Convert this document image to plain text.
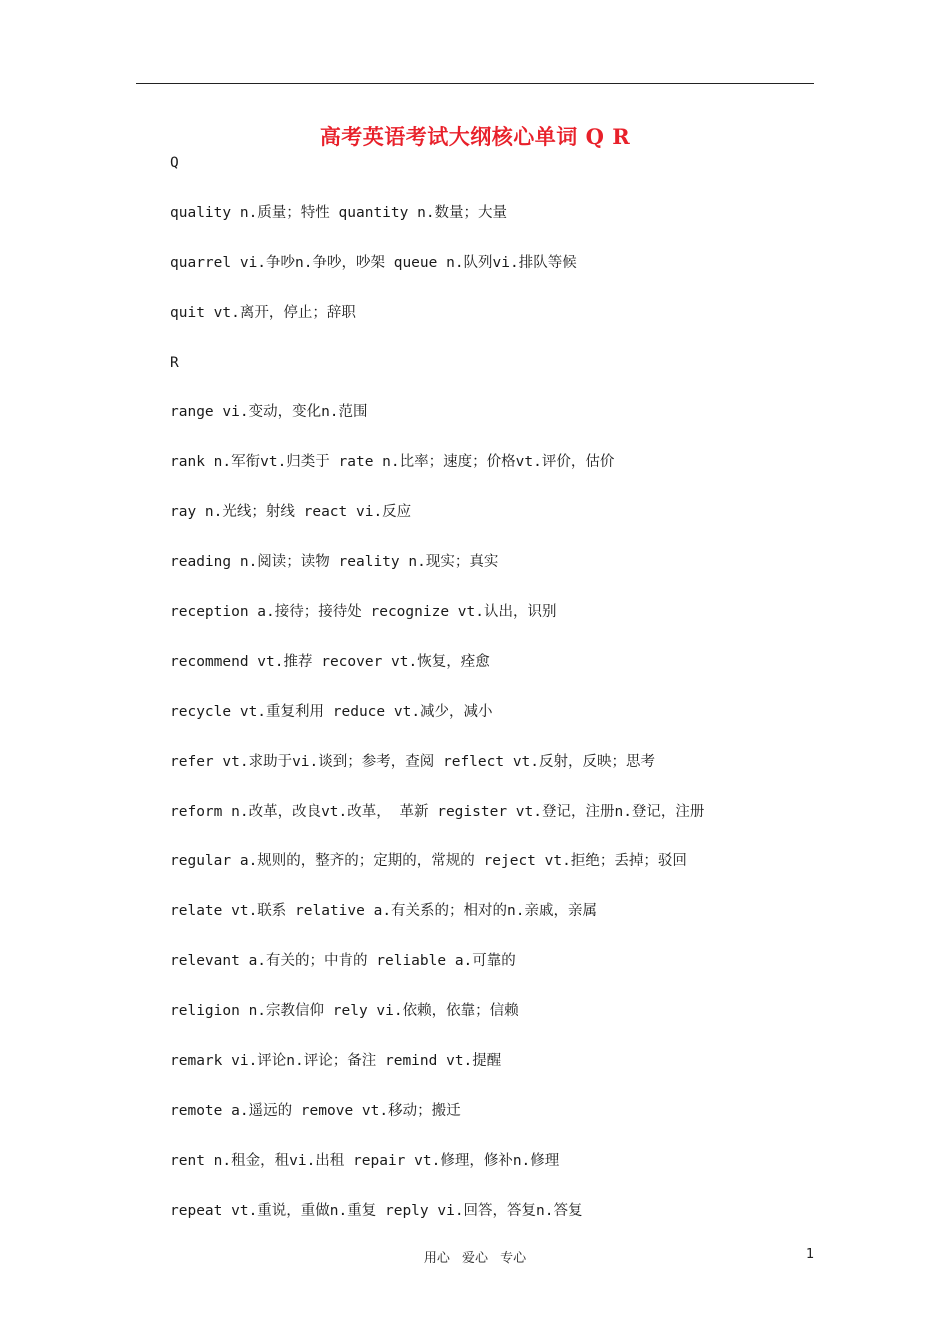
高考英语考试大纲核心单词 Q R
Q
quality n.质量；特性 quantity n.数量；大量
quarrel vi.争吵n.争吵，吵架 queue n.队列vi.排队等候
quit vt.离开，停止；辞职
R
range vi.变动，变化n.范围
rank n.军衔vt.归类于 rate n.比率；速度；价格vt.评价，估价
ray n.光线；射线 react vi.反应
reading n.阅读；读物 reality n.现实；真实
reception a.接待；接待处 recognize vt.认出，识别
recommend vt.推荐 recover vt.恢复，痊愈
recycle vt.重复利用 reduce vt.减少，减小
refer vt.求助于vi.谈到；参考，查阅 reflect vt.反射，反映；思考
reform n.改革，改良vt.改革， 革新 register vt.登记，注册n.登记，注册
regular a.规则的，整齐的；定期的，常规的 reject vt.拒绝；丢掉；驳回
relate vt.联系 relative a.有关系的；相对的n.亲戚，亲属
relevant a.有关的；中肯的 reliable a.可靠的
religion n.宗教信仰 rely vi.依赖，依靠；信赖
remark vi.评论n.评论；备注 remind vt.提醒
remote a.遥远的 remove vt.移动；搬迁
rent n.租金，租vi.出租 repair vt.修理，修补n.修理
repeat vt.重说，重做n.重复 reply vi.回答，答复n.答复
用心 爱心 专心	1
